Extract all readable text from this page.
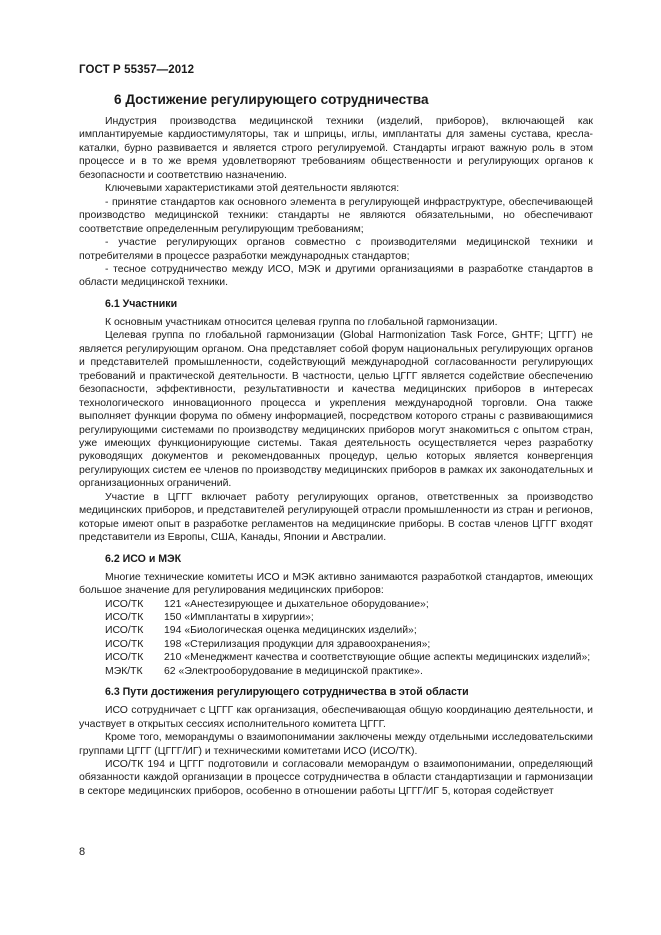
ГОСТ Р 55357—2012
6 Достижение регулирующего сотрудничества

Индустрия производства медицинской техники (изделий, приборов), включающей как имплантируемые кардиостимуляторы, так и шприцы, иглы, имплантаты для замены сустава, кресла-каталки, бурно развивается и является строго регулируемой. Стандарты играют важную роль в этом процессе и в то же время удовлетворяют требованиям общественности и регулирующих органов к безопасности и соответствию назначению.

Ключевыми характеристиками этой деятельности являются:

- принятие стандартов как основного элемента в регулирующей инфраструктуре, обеспечивающей производство медицинской техники: стандарты не являются обязательными, но обеспечивают соответствие определенным регулирующим требованиям;

- участие регулирующих органов совместно с производителями медицинской техники и потребителями в процессе разработки международных стандартов;

- тесное сотрудничество между ИСО, МЭК и другими организациями в разработке стандартов в области медицинской техники.

6.1 Участники

К основным участникам относится целевая группа по глобальной гармонизации.

Целевая группа по глобальной гармонизации (Global Harmonization Task Force, GHTF; ЦГГГ) не является регулирующим органом. Она представляет собой форум национальных регулирующих органов и представителей промышленности, содействующий международной согласованности регулирующих требований и практической деятельности. В частности, целью ЦГГГ является содействие обеспечению безопасности, эффективности, результативности и качества медицинских приборов в интересах технологического инновационного процесса и укрепления международной торговли. Она также выполняет функции форума по обмену информацией, посредством которого страны с развивающимися регулирующими системами по производству медицинских приборов могут знакомиться с опытом стран, уже имеющих функционирующие системы. Такая деятельность осуществляется через разработку руководящих документов и рекомендованных процедур, целью которых является конвергенция регулирующих систем ее членов по производству медицинских приборов в рамках их законодательных и организационных ограничений.

Участие в ЦГГГ включает работу регулирующих органов, ответственных за производство медицинских приборов, и представителей регулирующей отрасли промышленности из стран и регионов, которые имеют опыт в разработке регламентов на медицинские приборы. В состав членов ЦГГГ входят представители из Европы, США, Канады, Японии и Австралии.

6.2 ИСО и МЭК

Многие технические комитеты ИСО и МЭК активно занимаются разработкой стандартов, имеющих большое значение для регулирования медицинских приборов:

ИСО/ТК	121 «Анестезирующее и дыхательное оборудование»;
ИСО/ТК	150 «Имплантаты в хирургии»;
ИСО/ТК	194 «Биологическая оценка медицинских изделий»;
ИСО/ТК	198 «Стерилизация продукции для здравоохранения»;
ИСО/ТК	210 «Менеджмент качества и соответствующие общие аспекты медицинских изделий»;
МЭК/ТК	62 «Электрооборудование в медицинской практике».
6.3 Пути достижения регулирующего сотрудничества в этой области

ИСО сотрудничает с ЦГГГ как организация, обеспечивающая общую координацию деятельности, и участвует в открытых сессиях исполнительного комитета ЦГГГ.

Кроме того, меморандумы о взаимопонимании заключены между отдельными исследовательскими группами ЦГГГ (ЦГГГ/ИГ) и техническими комитетами ИСО (ИСО/ТК).

ИСО/ТК 194 и ЦГГГ подготовили и согласовали меморандум о взаимопонимании, определяющий обязанности каждой организации в процессе сотрудничества в области стандартизации и гармонизации в секторе медицинских приборов, особенно в отношении работы ЦГГГ/ИГ 5, которая содействует

8
